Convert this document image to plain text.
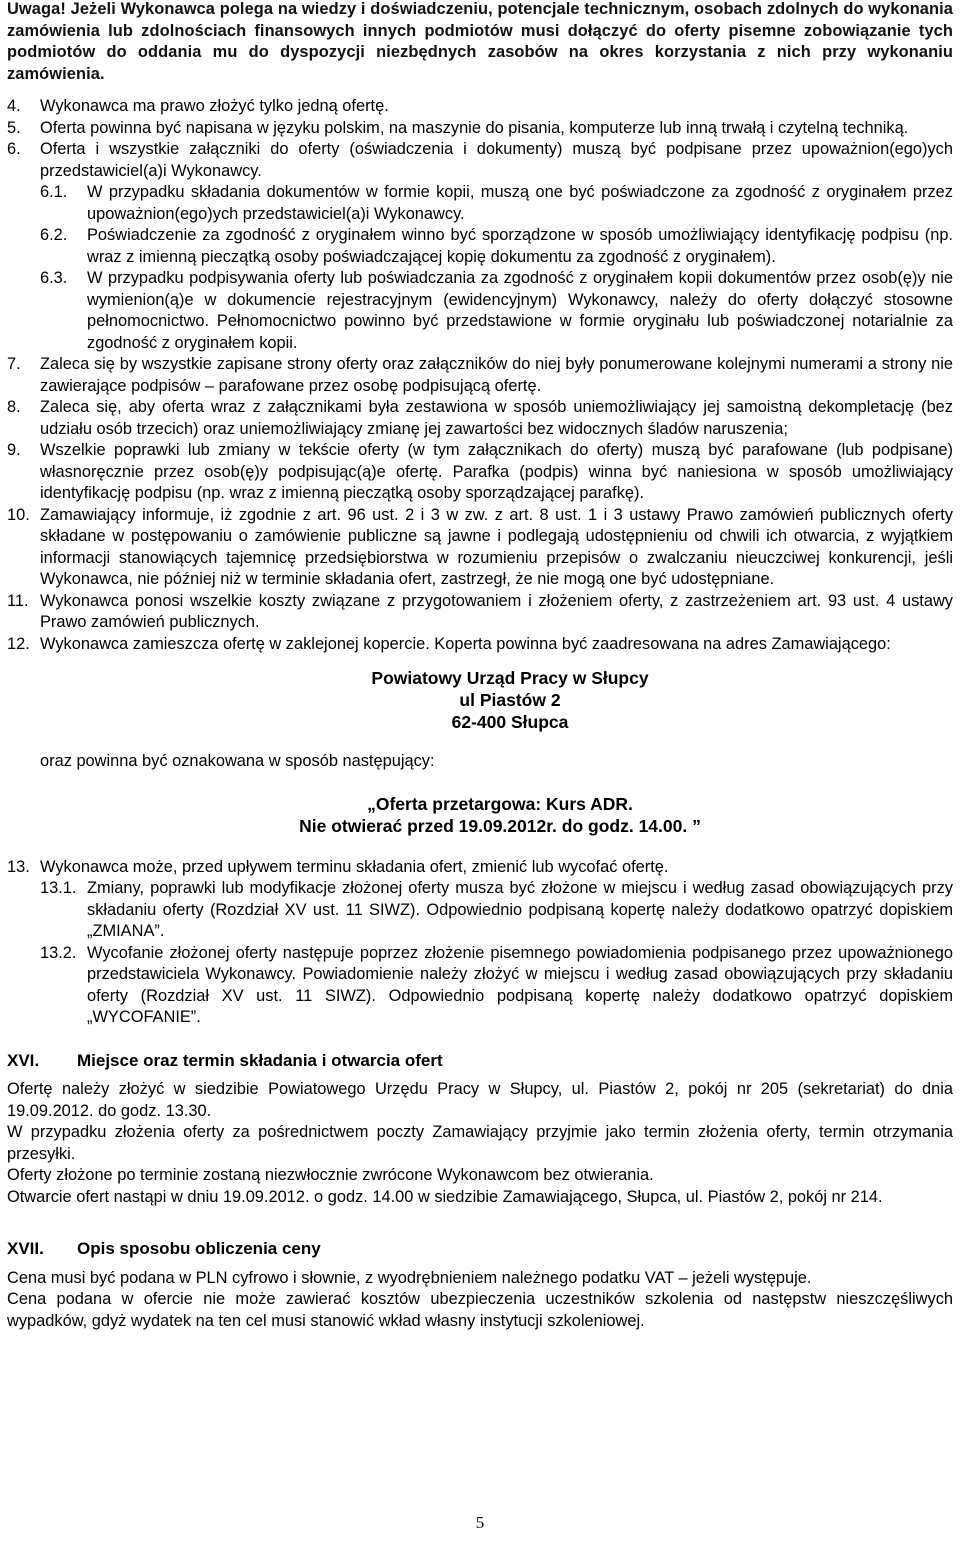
Uwaga! Jeżeli Wykonawca polega na wiedzy i doświadczeniu, potencjale technicznym, osobach zdolnych do wykonania zamówienia lub zdolnościach finansowych innych podmiotów musi dołączyć do oferty pisemne zobowiązanie tych podmiotów do oddania mu do dyspozycji niezbędnych zasobów na okres korzystania z nich przy wykonaniu zamówienia.

4.	Wykonawca ma prawo złożyć tylko jedną ofertę.
5.	Oferta powinna być napisana w języku polskim, na maszynie do pisania, komputerze lub inną trwałą i czytelną techniką.
6.	Oferta i wszystkie załączniki do oferty (oświadczenia i dokumenty) muszą być podpisane przez upoważnion(ego)ych przedstawiciel(a)i Wykonawcy.
6.1.	W przypadku składania dokumentów w formie kopii, muszą one być poświadczone za zgodność z oryginałem przez upoważnion(ego)ych przedstawiciel(a)i Wykonawcy.
6.2.	Poświadczenie za zgodność z oryginałem winno być sporządzone w sposób umożliwiający identyfikację podpisu (np. wraz z imienną pieczątką osoby poświadczającej kopię dokumentu za zgodność z oryginałem).
6.3.	W przypadku podpisywania oferty lub poświadczania za zgodność z oryginałem kopii dokumentów przez osob(ę)y nie wymienion(ą)e w dokumencie rejestracyjnym (ewidencyjnym) Wykonawcy, należy do oferty dołączyć stosowne pełnomocnictwo. Pełnomocnictwo powinno być przedstawione w formie oryginału lub poświadczonej notarialnie za zgodność z oryginałem kopii.
7.	Zaleca się by wszystkie zapisane strony oferty oraz załączników do niej były ponumerowane kolejnymi numerami a strony nie zawierające podpisów – parafowane przez osobę podpisującą ofertę.
8.	Zaleca się, aby oferta wraz z załącznikami była zestawiona w sposób uniemożliwiający jej samoistną dekompletację (bez udziału osób trzecich) oraz uniemożliwiający zmianę jej zawartości bez widocznych śladów naruszenia;
9.	Wszelkie poprawki lub zmiany w tekście oferty (w tym załącznikach do oferty) muszą być parafowane (lub podpisane) własnoręcznie przez osob(ę)y podpisując(ą)e ofertę. Parafka (podpis) winna być naniesiona w sposób umożliwiający identyfikację podpisu (np. wraz z imienną pieczątką osoby sporządzającej parafkę).
10. Zamawiający informuje, iż zgodnie z art. 96 ust. 2 i 3 w zw. z art. 8 ust. 1 i 3 ustawy Prawo zamówień publicznych oferty składane w postępowaniu o zamówienie publiczne są jawne i podlegają udostępnieniu od chwili ich otwarcia, z wyjątkiem informacji stanowiących tajemnicę przedsiębiorstwa w rozumieniu przepisów o zwalczaniu nieuczciwej konkurencji, jeśli Wykonawca, nie później niż w terminie składania ofert, zastrzegł, że nie mogą one być udostępniane.
11. Wykonawca ponosi wszelkie koszty związane z przygotowaniem i złożeniem oferty, z zastrzeżeniem art. 93 ust. 4 ustawy Prawo zamówień publicznych.
12. Wykonawca zamieszcza ofertę w zaklejonej kopercie. Koperta powinna być zaadresowana na adres Zamawiającego:
Powiatowy Urząd Pracy w Słupcy
ul Piastów 2
62-400 Słupca

oraz powinna być oznakowana w sposób następujący:

„Oferta przetargowa: Kurs ADR.
Nie otwierać przed 19.09.2012r. do godz. 14.00. ”
13. Wykonawca może, przed upływem terminu składania ofert, zmienić lub wycofać ofertę.
13.1. Zmiany, poprawki lub modyfikacje złożonej oferty musza być złożone w miejscu i według zasad obowiązujących przy składaniu oferty (Rozdział XV ust. 11 SIWZ). Odpowiednio podpisaną kopertę należy dodatkowo opatrzyć dopiskiem „ZMIANA”.
13.2. Wycofanie złożonej oferty następuje poprzez złożenie pisemnego powiadomienia podpisanego przez upoważnionego przedstawiciela Wykonawcy. Powiadomienie należy złożyć w miejscu i według zasad obowiązujących przy składaniu oferty (Rozdział XV ust. 11 SIWZ). Odpowiednio podpisaną kopertę należy dodatkowo opatrzyć dopiskiem „WYCOFANIE”.
XVI.	Miejsce oraz termin składania i otwarcia ofert

Ofertę należy złożyć w siedzibie Powiatowego Urzędu Pracy w Słupcy, ul. Piastów 2, pokój nr 205 (sekretariat) do dnia 19.09.2012. do godz. 13.30.

W przypadku złożenia oferty za pośrednictwem poczty Zamawiający przyjmie jako termin złożenia oferty, termin otrzymania przesyłki.

Oferty złożone po terminie zostaną niezwłocznie zwrócone Wykonawcom bez otwierania.

Otwarcie ofert nastąpi w dniu 19.09.2012. o godz. 14.00 w siedzibie Zamawiającego, Słupca, ul. Piastów 2, pokój nr 214.

XVII.	Opis sposobu obliczenia ceny

Cena musi być podana w PLN cyfrowo i słownie, z wyodrębnieniem należnego podatku VAT – jeżeli występuje.

Cena podana w ofercie nie może zawierać kosztów ubezpieczenia uczestników szkolenia od następstw nieszczęśliwych wypadków, gdyż wydatek na ten cel musi stanowić wkład własny instytucji szkoleniowej.

5
